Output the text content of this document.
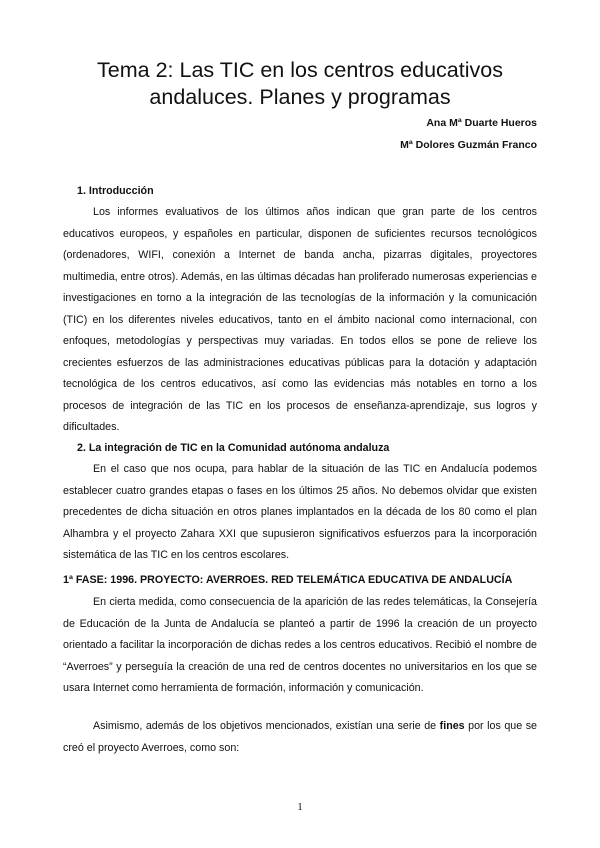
Tema 2: Las TIC en los centros educativos andaluces. Planes y programas
Ana Mª Duarte Hueros
Mª Dolores Guzmán Franco
1. Introducción

Los informes evaluativos de los últimos años indican que gran parte de los centros educativos europeos, y españoles en particular, disponen de suficientes recursos tecnológicos (ordenadores, WIFI, conexión a Internet de banda ancha, pizarras digitales, proyectores multimedia, entre otros). Además, en las últimas décadas han proliferado numerosas experiencias e investigaciones en torno a la integración de las tecnologías de la información y la comunicación (TIC) en los diferentes niveles educativos, tanto en el ámbito nacional como internacional, con enfoques, metodologías y perspectivas muy variadas. En todos ellos se pone de relieve los crecientes esfuerzos de las administraciones educativas públicas para la dotación y adaptación tecnológica de los centros educativos, así como las evidencias más notables en torno a los procesos de integración de las TIC en los procesos de enseñanza-aprendizaje, sus logros y dificultades.

2. La integración de TIC en la Comunidad autónoma andaluza

En el caso que nos ocupa, para hablar de la situación de las TIC en Andalucía podemos establecer cuatro grandes etapas o fases en los últimos 25 años. No debemos olvidar que existen precedentes de dicha situación en otros planes implantados en la década de los 80 como el plan Alhambra y el proyecto Zahara XXI que supusieron significativos esfuerzos para la incorporación sistemática de las TIC en los centros escolares.

1ª FASE: 1996. PROYECTO: AVERROES. RED TELEMÁTICA EDUCATIVA DE ANDALUCÍA

En cierta medida, como consecuencia de la aparición de las redes telemáticas, la Consejería de Educación de la Junta de Andalucía se planteó a partir de 1996 la creación de un proyecto orientado a facilitar la incorporación de dichas redes a los centros educativos. Recibió el nombre de “Averroes” y perseguía la creación de una red de centros docentes no universitarios en los que se usara Internet como herramienta de formación, información y comunicación.

Asimismo, además de los objetivos mencionados, existían una serie de fines por los que se creó el proyecto Averroes, como son:

1
